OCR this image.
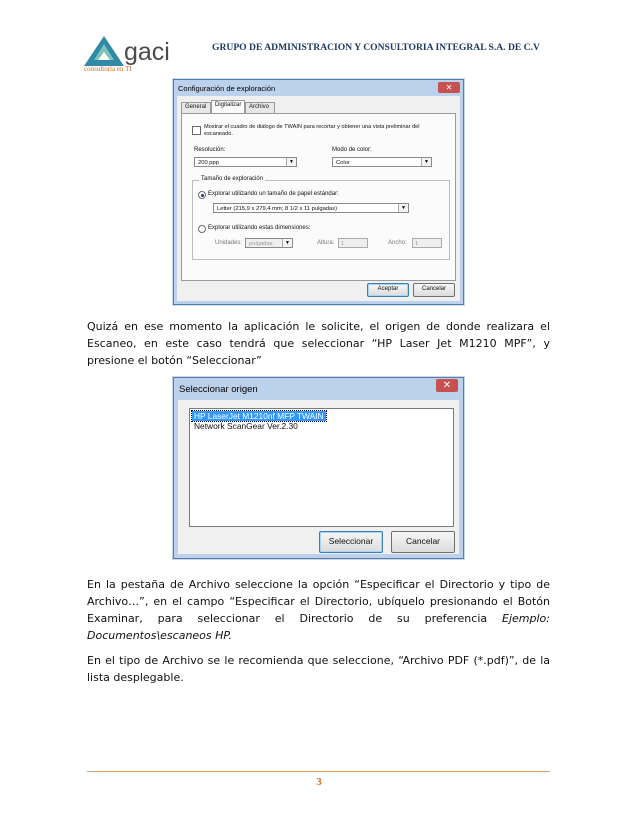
gaci
consultoría en TI
GRUPO DE ADMINISTRACION Y CONSULTORIA INTEGRAL S.A. DE C.V
Configuración de exploración	✕
General	Digitalizar	Archivo
Mostrar el cuadro de diálogo de TWAIN para recortar y obtener una vista preliminar del escaneado.
Resolución:
200 ppp	▼
Modo de color:
Color	▼
Tamaño de exploración
Explorar utilizando un tamaño de papel estándar:
Letter (215,9 x 279,4 mm; 8 1/2 x 11 pulgadas)	▼
Explorar utilizando estas dimensiones:
Unidades:	pulgadas	▼	Altura:	1	Ancho:	1
Aceptar	Cancelar
Quizá en ese momento la aplicación le solicite, el origen de donde realizara el Escaneo, en este caso tendrá que seleccionar “HP Laser Jet M1210 MPF”, y presione el botón “Seleccionar”
Seleccionar origen	✕
HP LaserJet M1210nf MFP TWAIN
Network ScanGear Ver.2.30
Seleccionar	Cancelar
En la pestaña de Archivo seleccione la opción “Especificar el Directorio y tipo de Archivo…”, en el campo “Especificar el Directorio, ubíquelo presionando el Botón Examinar, para seleccionar el Directorio de su preferencia Ejemplo: Documentos\escaneos HP.
En el tipo de Archivo se le recomienda que seleccione, “Archivo PDF (*.pdf)”, de la lista desplegable.
3
